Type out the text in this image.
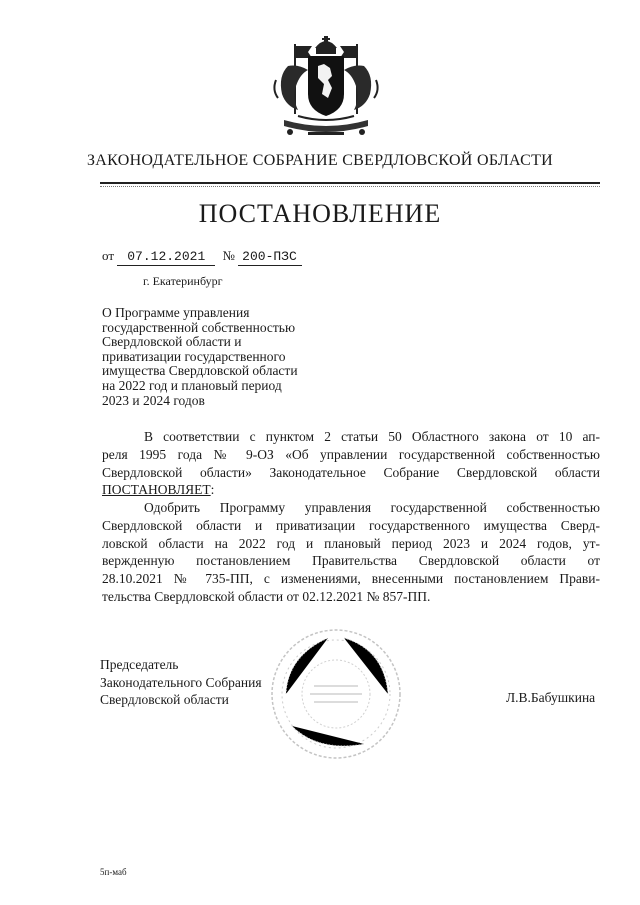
ЗАКОНОДАТЕЛЬНОЕ СОБРАНИЕ СВЕРДЛОВСКОЙ ОБЛАСТИ
ПОСТАНОВЛЕНИЕ
от 07.12.2021 № 200-ПЗС
г. Екатеринбург
О Программе управления
государственной собственностью
Свердловской области и
приватизации государственного
имущества Свердловской области
на 2022 год и плановый период
2023 и 2024 годов
В соответствии с пунктом 2 статьи 50 Областного закона от 10 ап-
реля 1995 года № 9-ОЗ «Об управлении государственной собственностью
Свердловской области» Законодательное Собрание Свердловской области
ПОСТАНОВЛЯЕТ:
Одобрить Программу управления государственной собственностью
Свердловской области и приватизации государственного имущества Сверд-
ловской области на 2022 год и плановый период 2023 и 2024 годов, ут-
вержденную постановлением Правительства Свердловской области от
28.10.2021 № 735-ПП, с изменениями, внесенными постановлением Прави-
тельства Свердловской области от 02.12.2021 № 857-ПП.
Председатель
Законодательного Собрания
Свердловской области	Л.В.Бабушкина
5п-маб
